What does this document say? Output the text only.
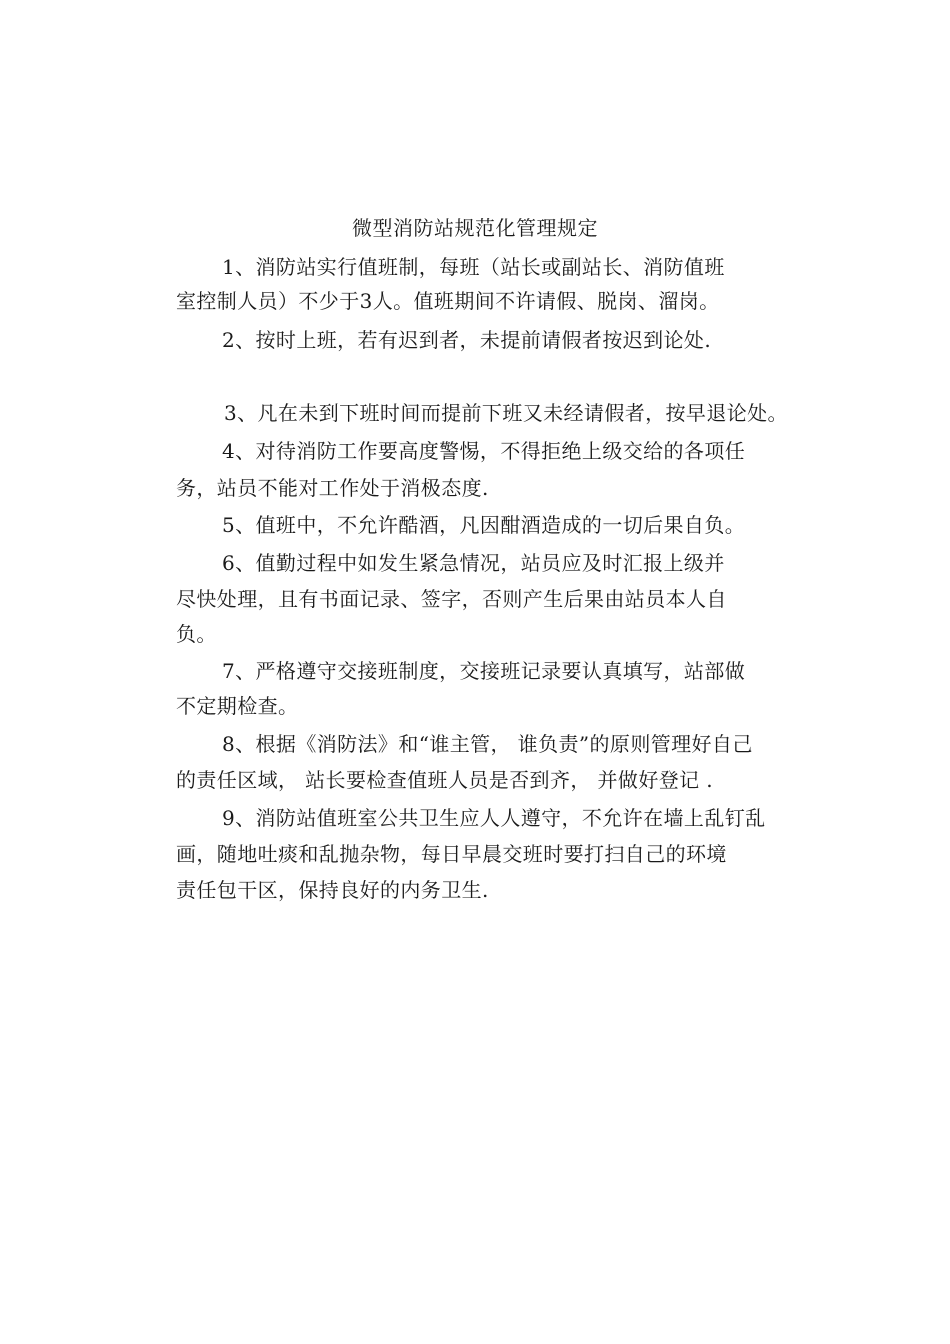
微型消防站规范化管理规定
1、消防站实行值班制，每班（站长或副站长、消防值班
室控制人员）不少于3人。值班期间不许请假、脱岗、溜岗。
2、按时上班，若有迟到者，未提前请假者按迟到论处.
3、凡在未到下班时间而提前下班又未经请假者，按早退论处。
4、对待消防工作要高度警惕，不得拒绝上级交给的各项任
务，站员不能对工作处于消极态度.
5、值班中，不允许酷酒，凡因酣酒造成的一切后果自负。
6、值勤过程中如发生紧急情况，站员应及时汇报上级并
尽快处理，且有书面记录、签字，否则产生后果由站员本人自
负。
7、严格遵守交接班制度，交接班记录要认真填写，站部做
不定期检查。
8、根据《消防法》和“谁主管， 谁负责”的原则管理好自己
的责任区域， 站长要检查值班人员是否到齐， 并做好登记 .
9、消防站值班室公共卫生应人人遵守，不允许在墙上乱钉乱
画，随地吐痰和乱抛杂物，每日早晨交班时要打扫自己的环境
责任包干区，保持良好的内务卫生.
